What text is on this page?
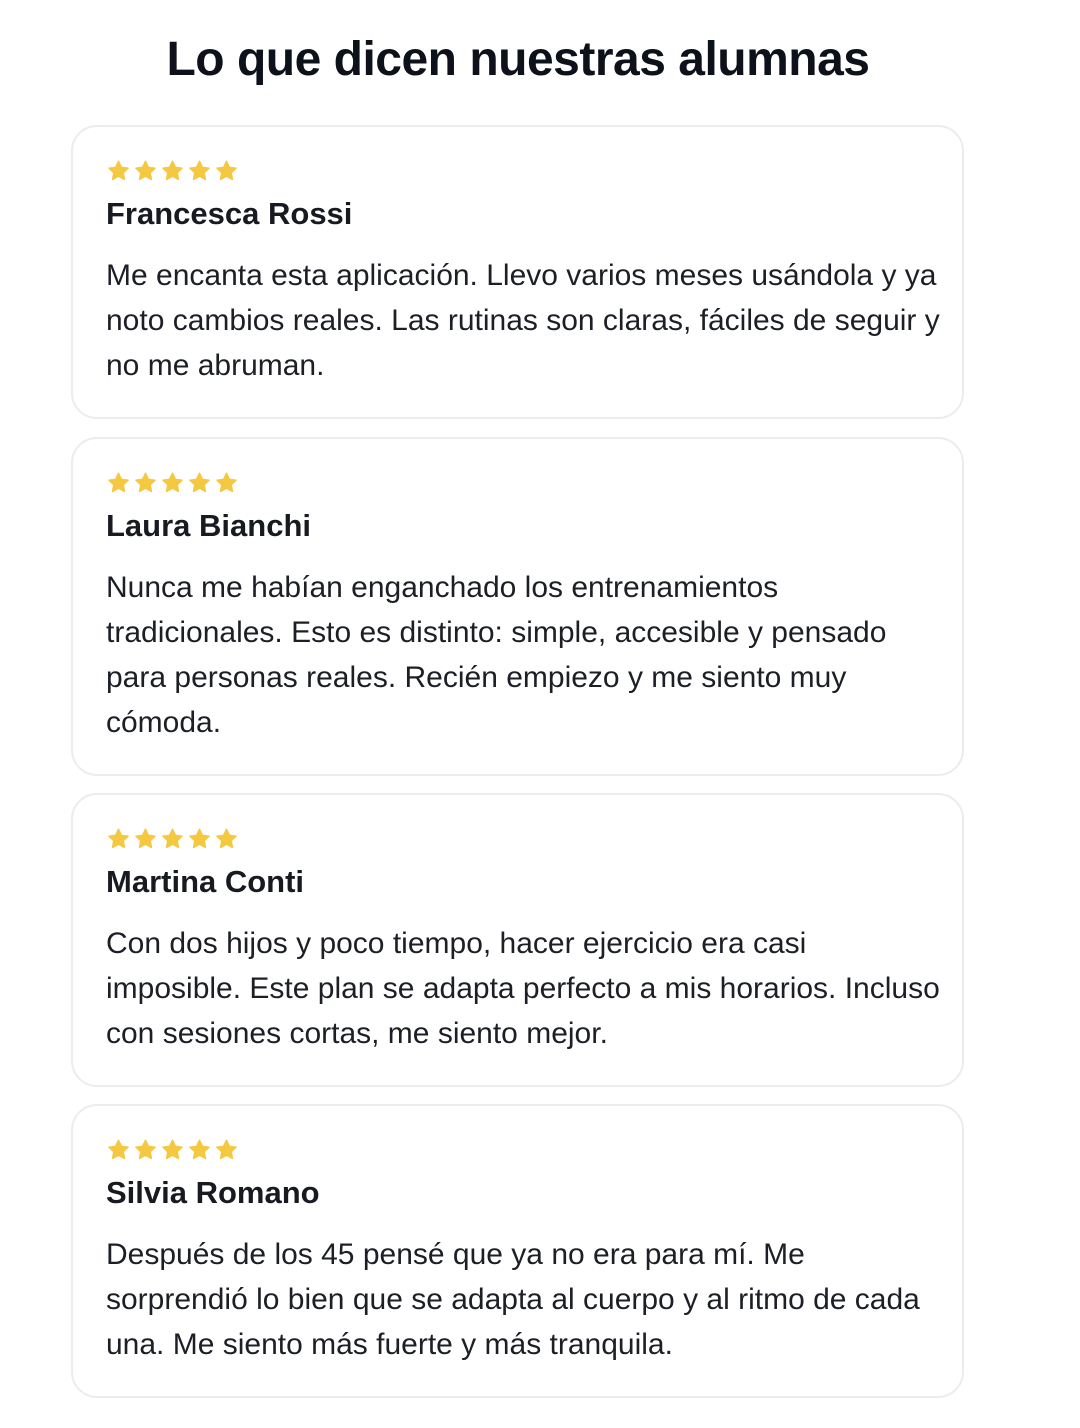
Lo que dicen nuestras alumnas

Francesca Rossi

Me encanta esta aplicación. Llevo varios meses usándola y ya noto cambios reales. Las rutinas son claras, fáciles de seguir y no me abruman.

Laura Bianchi

Nunca me habían enganchado los entrenamientos tradicionales. Esto es distinto: simple, accesible y pensado para personas reales. Recién empiezo y me siento muy cómoda.

Martina Conti

Con dos hijos y poco tiempo, hacer ejercicio era casi imposible. Este plan se adapta perfecto a mis horarios. Incluso con sesiones cortas, me siento mejor.

Silvia Romano

Después de los 45 pensé que ya no era para mí. Me sorprendió lo bien que se adapta al cuerpo y al ritmo de cada una. Me siento más fuerte y más tranquila.
